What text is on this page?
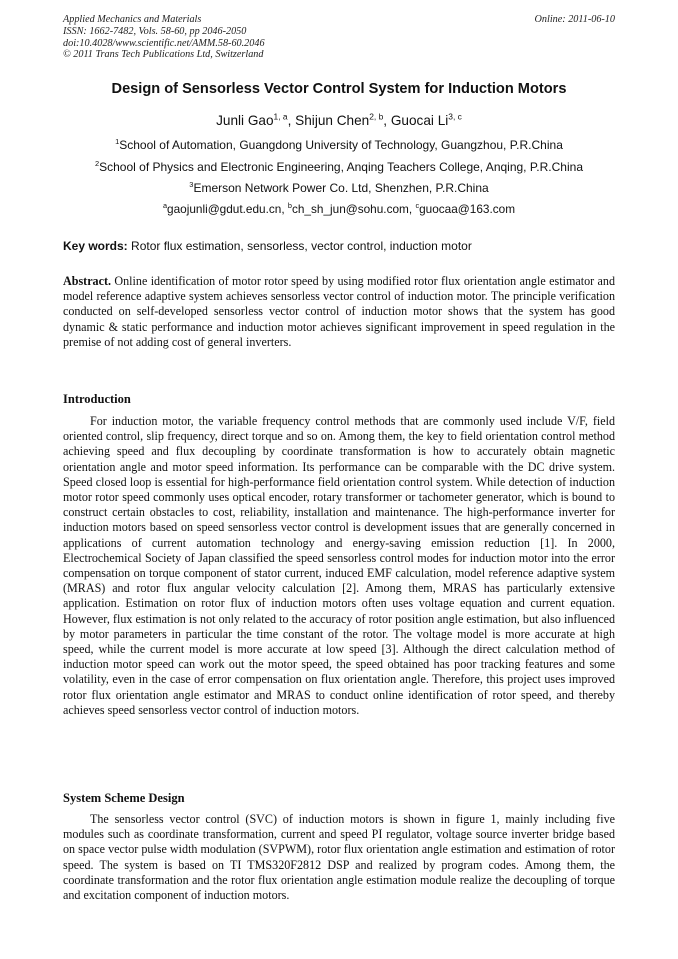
Applied Mechanics and Materials
ISSN: 1662-7482, Vols. 58-60, pp 2046-2050
doi:10.4028/www.scientific.net/AMM.58-60.2046
© 2011 Trans Tech Publications Ltd, Switzerland
Online: 2011-06-10
Design of Sensorless Vector Control System for Induction Motors
Junli Gao$^{1, a}$, Shijun Chen$^{2, b}$, Guocai Li$^{3, c}$
$^1$School of Automation, Guangdong University of Technology, Guangzhou, P.R.China
$^2$School of Physics and Electronic Engineering, Anqing Teachers College, Anqing, P.R.China
$^3$Emerson Network Power Co. Ltd, Shenzhen, P.R.China
$^a$gaojunli@gdut.edu.cn, $^b$ch_sh_jun@sohu.com, $^c$guocaa@163.com
Key words: Rotor flux estimation, sensorless, vector control, induction motor

Abstract. Online identification of motor rotor speed by using modified rotor flux orientation angle estimator and model reference adaptive system achieves sensorless vector control of induction motor. The principle verification conducted on self-developed sensorless vector control of induction motor shows that the system has good dynamic & static performance and induction motor achieves significant improvement in speed regulation in the premise of not adding cost of general inverters.

Introduction

For induction motor, the variable frequency control methods that are commonly used include V/F, field oriented control, slip frequency, direct torque and so on. Among them, the key to field orientation control method achieving speed and flux decoupling by coordinate transformation is how to accurately obtain magnetic orientation angle and motor speed information. Its performance can be comparable with the DC drive system. Speed closed loop is essential for high-performance field orientation control system. While detection of induction motor rotor speed commonly uses optical encoder, rotary transformer or tachometer generator, which is bound to construct certain obstacles to cost, reliability, installation and maintenance. The high-performance inverter for induction motors based on speed sensorless vector control is development issues that are generally concerned in applications of current automation technology and energy-saving emission reduction [1]. In 2000, Electrochemical Society of Japan classified the speed sensorless control modes for induction motor into the error compensation on torque component of stator current, induced EMF calculation, model reference adaptive system (MRAS) and rotor flux angular velocity calculation [2]. Among them, MRAS has particularly extensive application. Estimation on rotor flux of induction motors often uses voltage equation and current equation. However, flux estimation is not only related to the accuracy of rotor position angle estimation, but also influenced by motor parameters in particular the time constant of the rotor. The voltage model is more accurate at high speed, while the current model is more accurate at low speed [3]. Although the direct calculation method of induction motor speed can work out the motor speed, the speed obtained has poor tracking features and some volatility, even in the case of error compensation on flux orientation angle. Therefore, this project uses improved rotor flux orientation angle estimator and MRAS to conduct online identification of rotor speed, and thereby achieves speed sensorless vector control of induction motors.

System Scheme Design

The sensorless vector control (SVC) of induction motors is shown in figure 1, mainly including five modules such as coordinate transformation, current and speed PI regulator, voltage source inverter bridge based on space vector pulse width modulation (SVPWM), rotor flux orientation angle estimation and estimation of rotor speed. The system is based on TI TMS320F2812 DSP and realized by program codes. Among them, the coordinate transformation and the rotor flux orientation angle estimation module realize the decoupling of torque and excitation component of induction motors.
